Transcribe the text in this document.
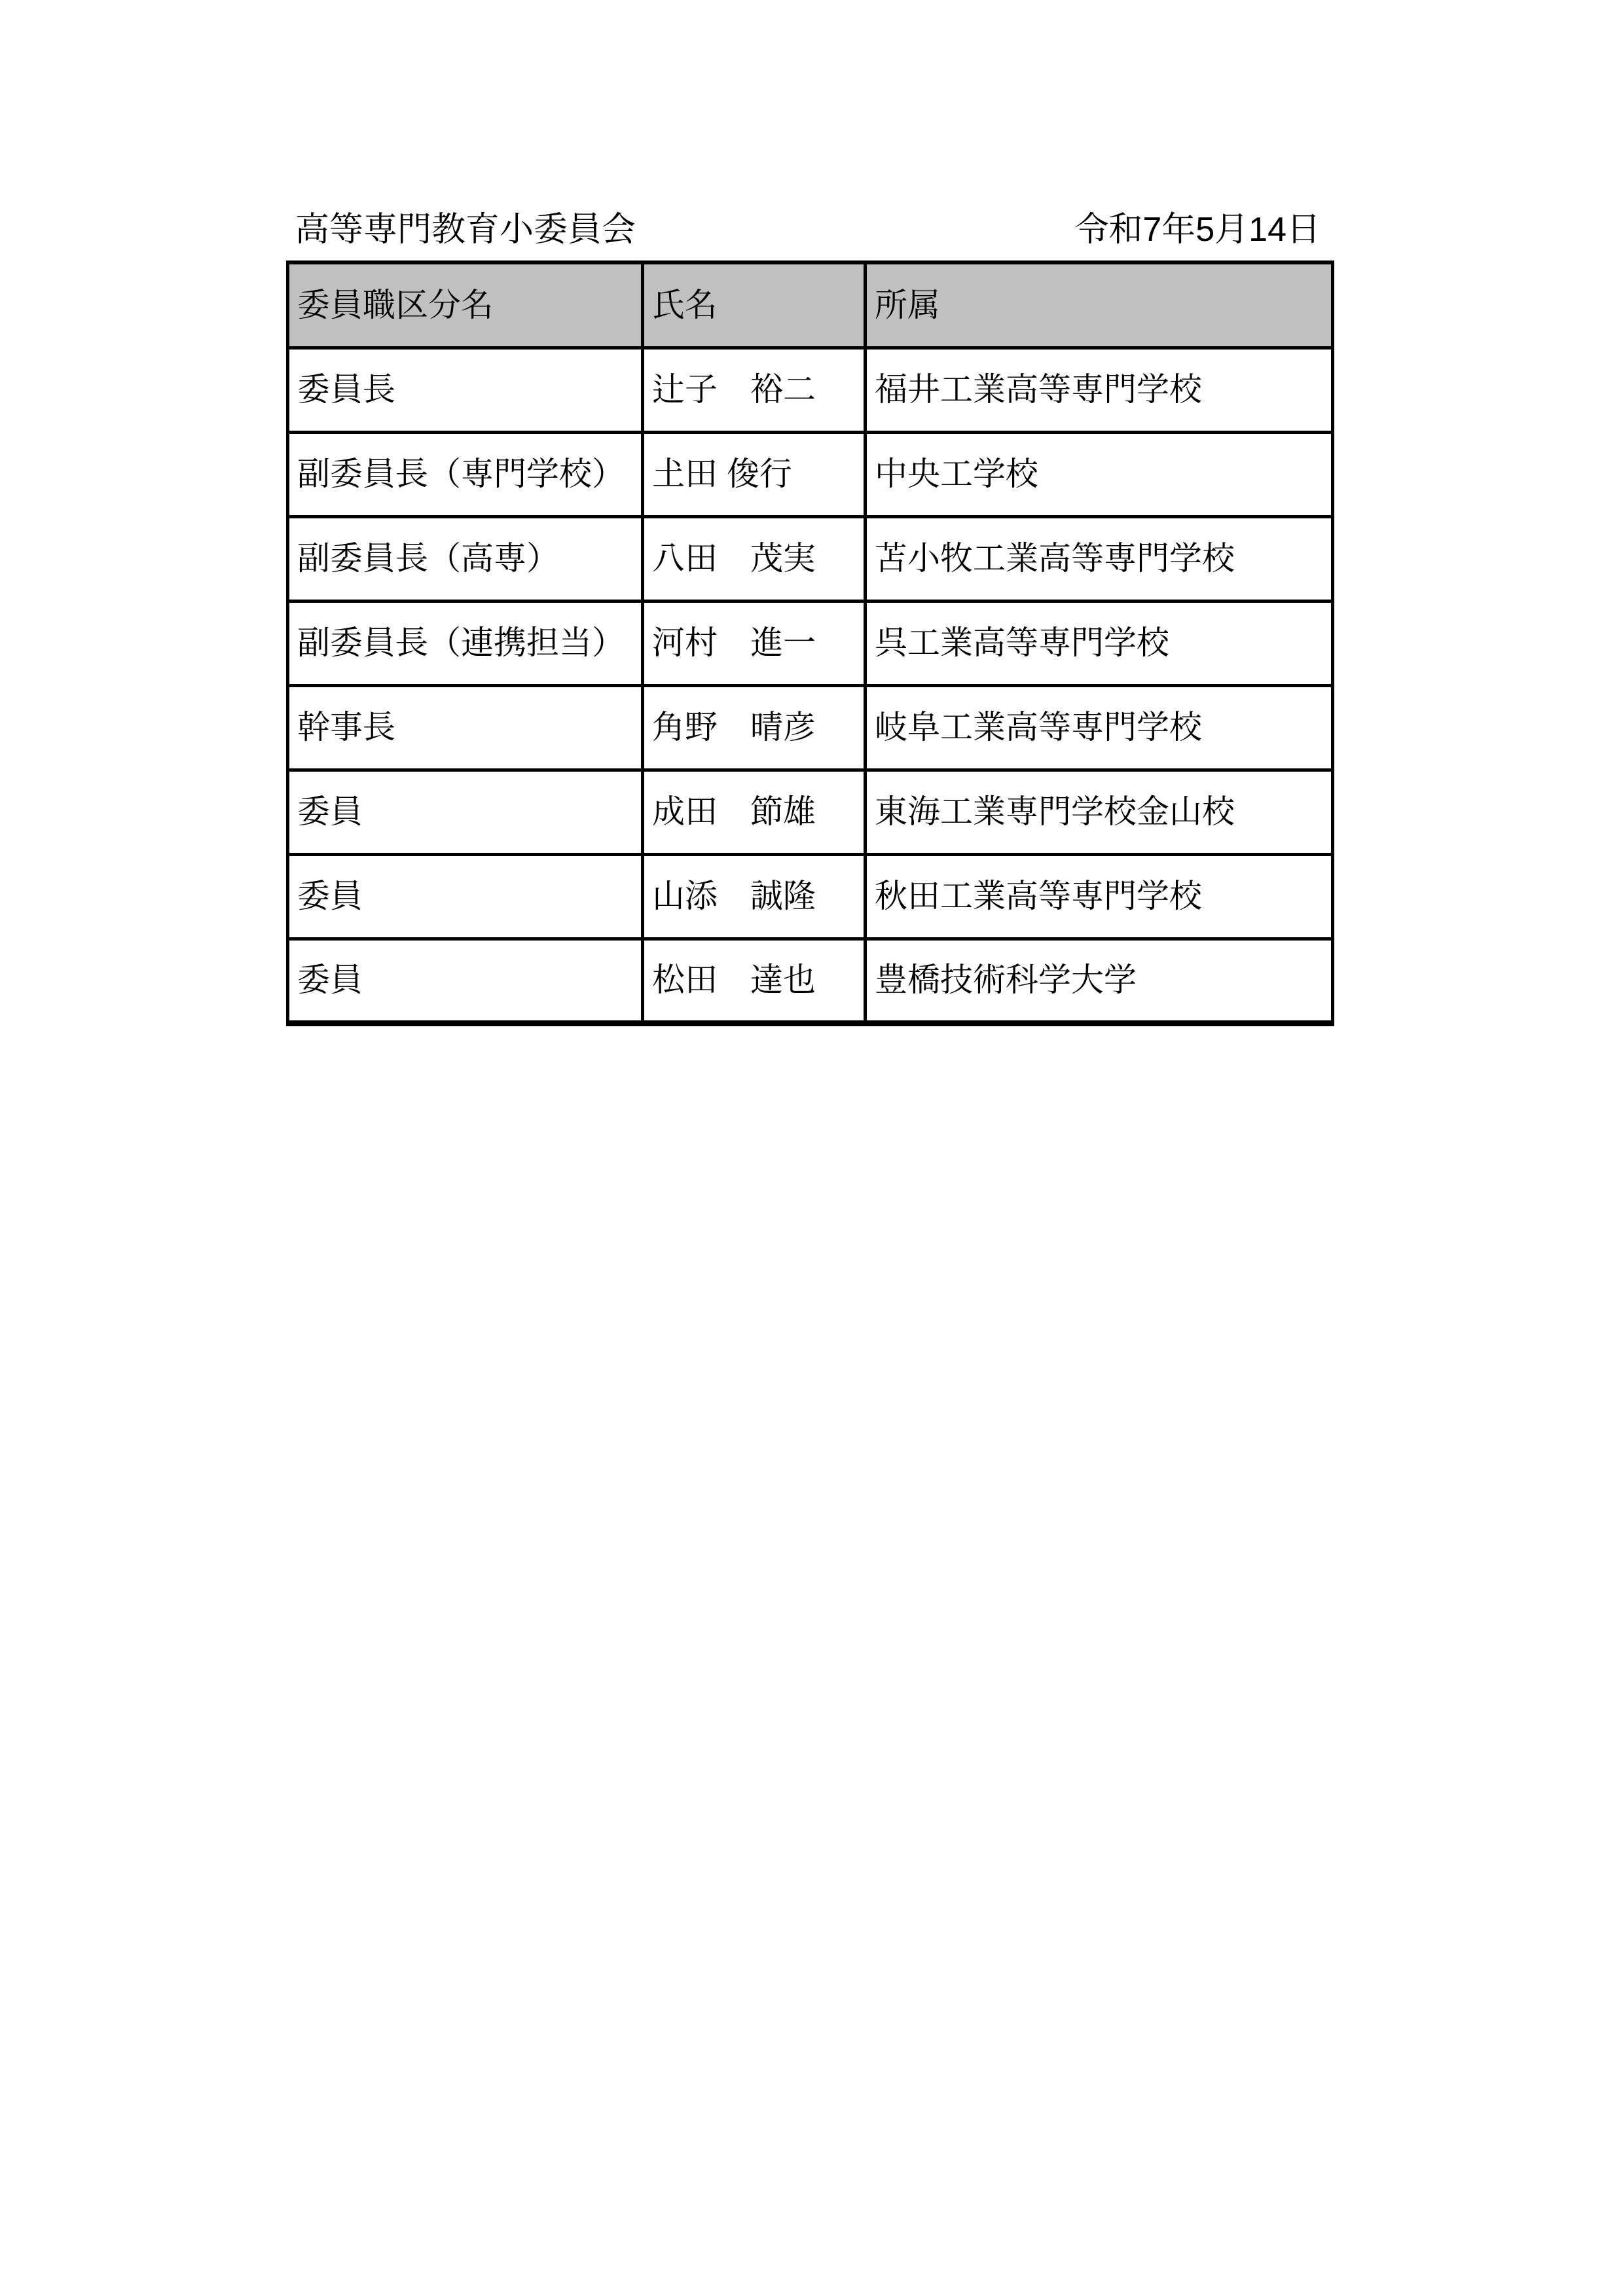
高等専門教育小委員会	令和7年5月14日
委員職区分名	氏名	所属
委員長	辻子　裕二	福井工業高等専門学校
副委員長（専門学校）	𡈽田 俊行	中央工学校
副委員長（高専）	八田　茂実	苫小牧工業高等専門学校
副委員長（連携担当）	河村　進一	呉工業高等専門学校
幹事長	角野　晴彦	岐阜工業高等専門学校
委員	成田　節雄	東海工業専門学校金山校
委員	山添　誠隆	秋田工業高等専門学校
委員	松田　達也	豊橋技術科学大学
